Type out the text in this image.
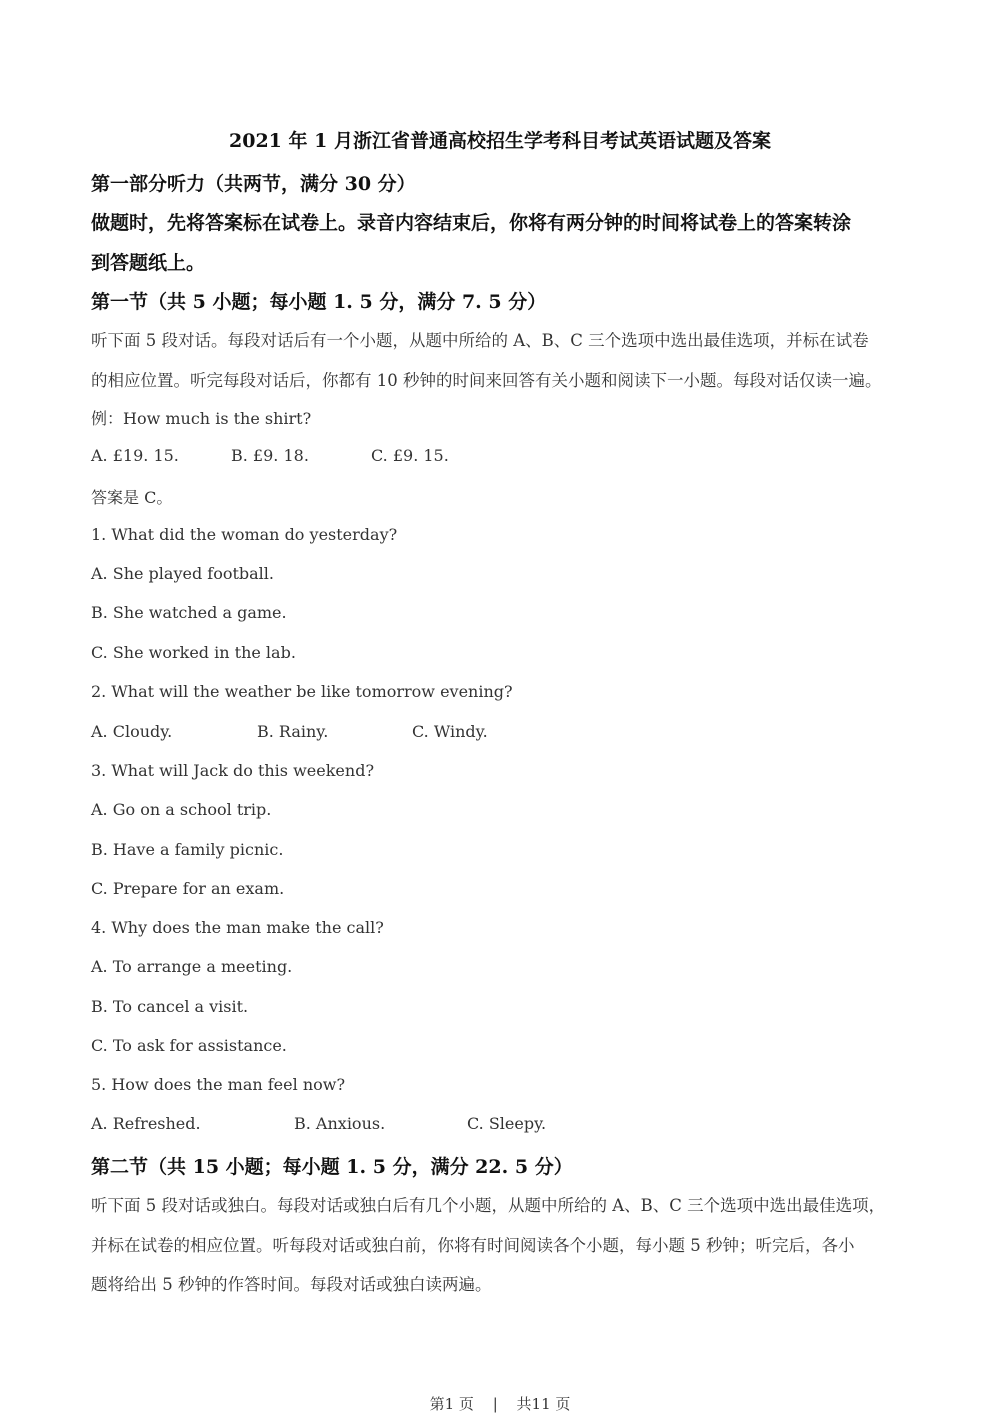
2021 年 1 月浙江省普通高校招生学考科目考试英语试题及答案
第一部分听力（共两节，满分 30 分）
做题时，先将答案标在试卷上。录音内容结束后，你将有两分钟的时间将试卷上的答案转涂
到答题纸上。
第一节（共 5 小题；每小题 1. 5 分，满分 7. 5 分）
听下面 5 段对话。每段对话后有一个小题，从题中所给的 A、B、C 三个选项中选出最佳选项，并标在试卷
的相应位置。听完每段对话后，你都有 10 秒钟的时间来回答有关小题和阅读下一小题。每段对话仅读一遍。
例：How much is the shirt?
A. £19. 15.	B. £9. 18.	C. £9. 15.
答案是 C。
1. What did the woman do yesterday?
A. She played football.
B. She watched a game.
C. She worked in the lab.
2. What will the weather be like tomorrow evening?
A. Cloudy.	B. Rainy.	C. Windy.
3. What will Jack do this weekend?
A. Go on a school trip.
B. Have a family picnic.
C. Prepare for an exam.
4. Why does the man make the call?
A. To arrange a meeting.
B. To cancel a visit.
C. To ask for assistance.
5. How does the man feel now?
A. Refreshed.	B. Anxious.	C. Sleepy.
第二节（共 15 小题；每小题 1. 5 分，满分 22. 5 分）
听下面 5 段对话或独白。每段对话或独白后有几个小题，从题中所给的 A、B、C 三个选项中选出最佳选项，
并标在试卷的相应位置。听每段对话或独白前，你将有时间阅读各个小题，每小题 5 秒钟；听完后，各小
题将给出 5 秒钟的作答时间。每段对话或独白读两遍。
第1 页 | 共11 页
